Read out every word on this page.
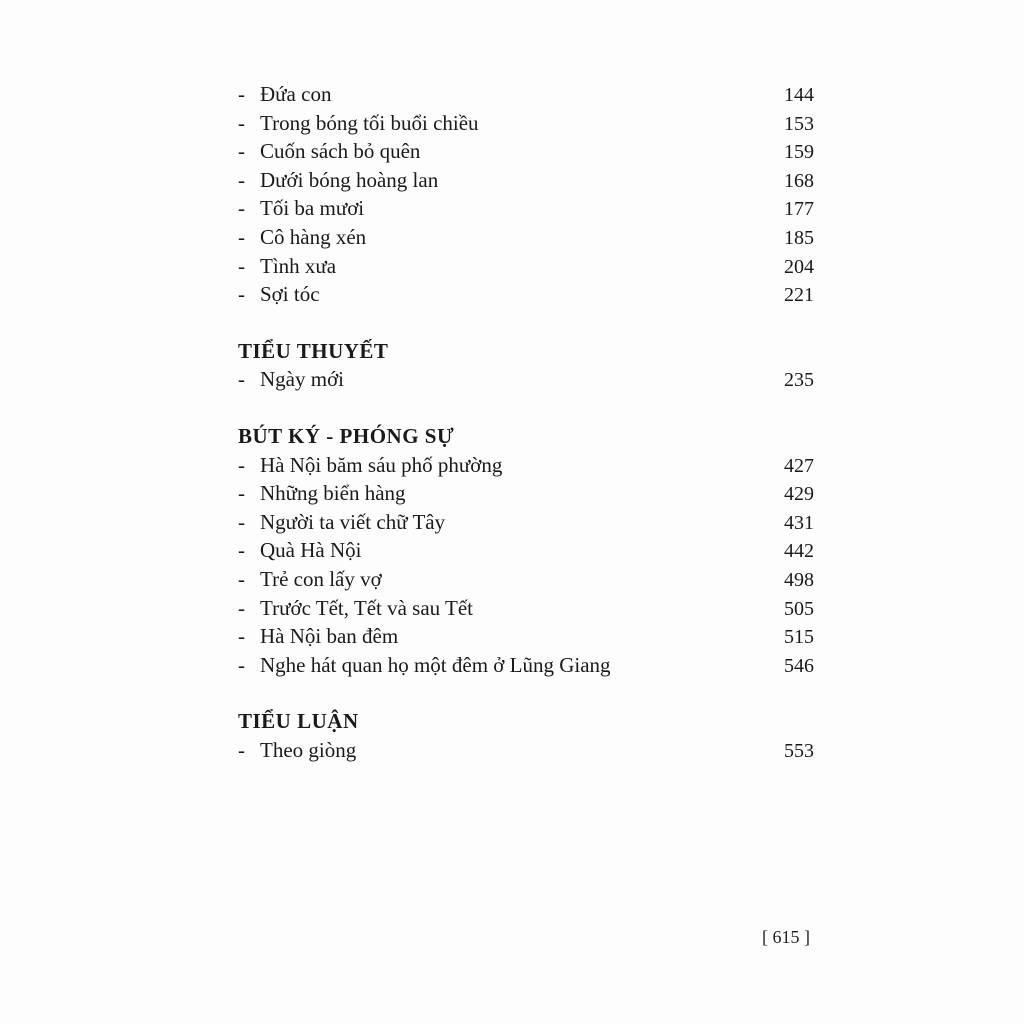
- Đứa con	144
- Trong bóng tối buổi chiều	153
- Cuốn sách bỏ quên	159
- Dưới bóng hoàng lan	168
- Tối ba mươi	177
- Cô hàng xén	185
- Tình xưa	204
- Sợi tóc	221
TIỂU THUYẾT
- Ngày mới	235
BÚT KÝ - PHÓNG SỰ
- Hà Nội băm sáu phố phường	427
- Những biển hàng	429
- Người ta viết chữ Tây	431
- Quà Hà Nội	442
- Trẻ con lấy vợ	498
- Trước Tết, Tết và sau Tết	505
- Hà Nội ban đêm	515
- Nghe hát quan họ một đêm ở Lũng Giang	546
TIỂU LUẬN
- Theo giòng	553
[ 615 ]
